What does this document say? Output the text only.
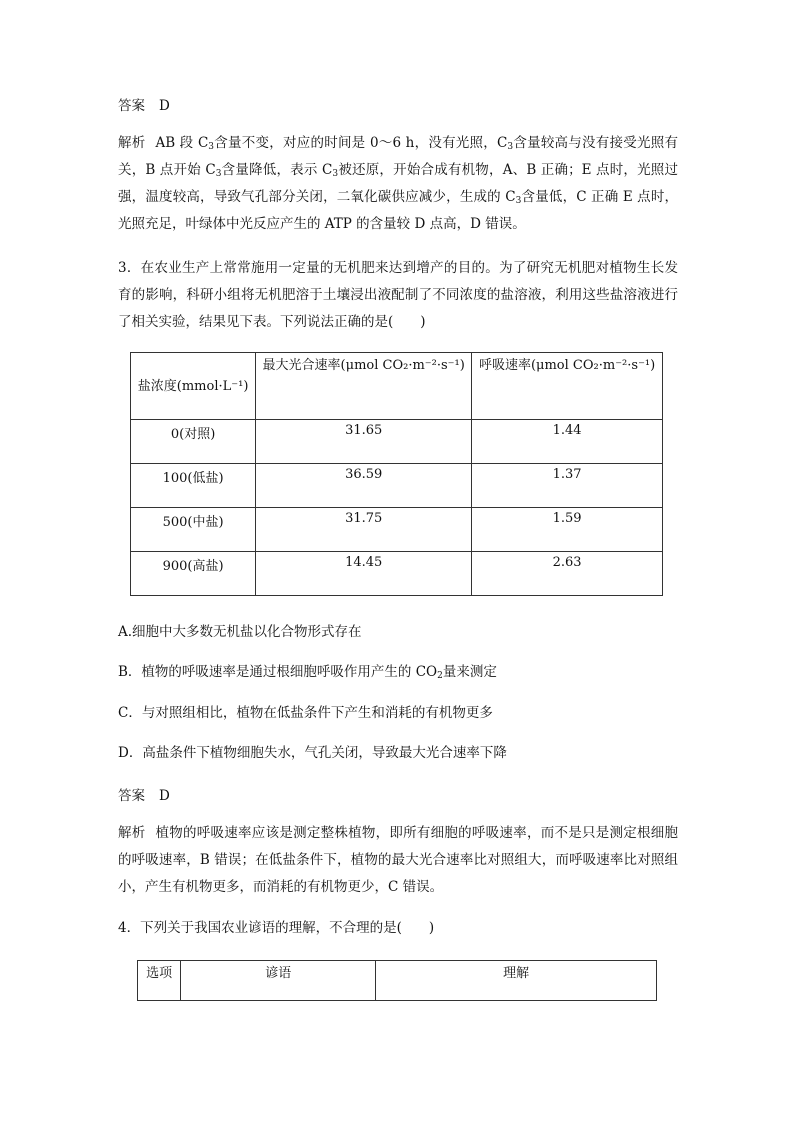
答案 D

解析 AB 段 $C_3$含量不变，对应的时间是 0～6 h，没有光照，$C_3$含量较高与没有接受光照有关，B 点开始 $C_3$含量降低，表示 $C_3$被还原，开始合成有机物，A、B 正确；E 点时，光照过强，温度较高，导致气孔部分关闭，二氧化碳供应减少，生成的 $C_3$含量低，C 正确 E 点时，光照充足，叶绿体中光反应产生的 ATP 的含量较 D 点高，D 错误。

3．在农业生产上常常施用一定量的无机肥来达到增产的目的。为了研究无机肥对植物生长发育的影响，科研小组将无机肥溶于土壤浸出液配制了不同浓度的盐溶液，利用这些盐溶液进行了相关实验，结果见下表。下列说法正确的是(　　)

盐浓度(mmol·L⁻¹)	最大光合速率(μmol CO₂·m⁻²·s⁻¹)	呼吸速率(μmol CO₂·m⁻²·s⁻¹)
0(对照)	31.65	1.44
100(低盐)	36.59	1.37
500(中盐)	31.75	1.59
900(高盐)	14.45	2.63

A.细胞中大多数无机盐以化合物形式存在

B．植物的呼吸速率是通过根细胞呼吸作用产生的 $CO_2$量来测定

C．与对照组相比，植物在低盐条件下产生和消耗的有机物更多

D．高盐条件下植物细胞失水，气孔关闭，导致最大光合速率下降

答案 D

解析 植物的呼吸速率应该是测定整株植物，即所有细胞的呼吸速率，而不是只是测定根细胞的呼吸速率，B 错误；在低盐条件下，植物的最大光合速率比对照组大，而呼吸速率比对照组小，产生有机物更多，而消耗的有机物更少，C 错误。

4．下列关于我国农业谚语的理解，不合理的是(　　)

选项	谚语	理解
